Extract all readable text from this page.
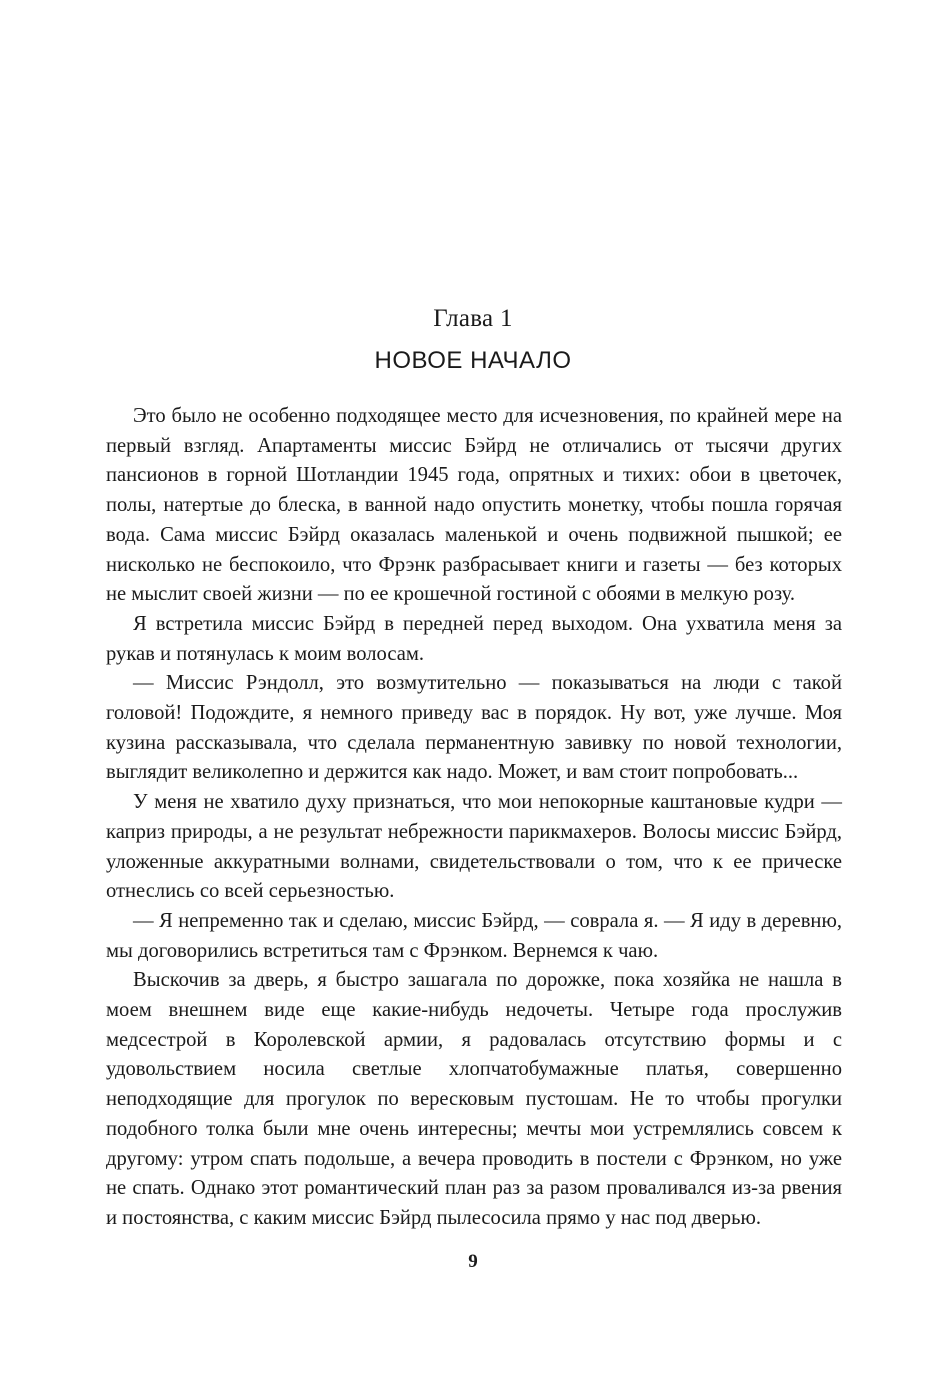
Глава 1
НОВОЕ НАЧАЛО

Это было не особенно подходящее место для исчезновения, по крайней мере на первый взгляд. Апартаменты миссис Бэйрд не отличались от тысячи других пансионов в горной Шотландии 1945 года, опрятных и тихих: обои в цветочек, полы, натертые до блеска, в ванной надо опустить монетку, чтобы пошла горячая вода. Сама миссис Бэйрд оказалась маленькой и очень подвижной пышкой; ее нисколько не беспокоило, что Фрэнк разбрасывает книги и газеты — без которых не мыслит своей жизни — по ее крошечной гостиной с обоями в мелкую розу.

Я встретила миссис Бэйрд в передней перед выходом. Она ухватила меня за рукав и потянулась к моим волосам.

— Миссис Рэндолл, это возмутительно — показываться на люди с такой головой! Подождите, я немного приведу вас в порядок. Ну вот, уже лучше. Моя кузина рассказывала, что сделала перманентную завивку по новой технологии, выглядит великолепно и держится как надо. Может, и вам стоит попробовать...

У меня не хватило духу признаться, что мои непокорные каштановые кудри — каприз природы, а не результат небрежности парикмахеров. Волосы миссис Бэйрд, уложенные аккуратными волнами, свидетельствовали о том, что к ее прическе отнеслись со всей серьезностью.

— Я непременно так и сделаю, миссис Бэйрд, — соврала я. — Я иду в деревню, мы договорились встретиться там с Фрэнком. Вернемся к чаю.

Выскочив за дверь, я быстро зашагала по дорожке, пока хозяйка не нашла в моем внешнем виде еще какие-нибудь недочеты. Четыре года прослужив медсестрой в Королевской армии, я радовалась отсутствию формы и с удовольствием носила светлые хлопчатобумажные платья, совершенно неподходящие для прогулок по вересковым пустошам. Не то чтобы прогулки подобного толка были мне очень интересны; мечты мои устремлялись совсем к другому: утром спать подольше, а вечера проводить в постели с Фрэнком, но уже не спать. Однако этот романтический план раз за разом проваливался из-за рвения и постоянства, с каким миссис Бэйрд пылесосила прямо у нас под дверью.

9
